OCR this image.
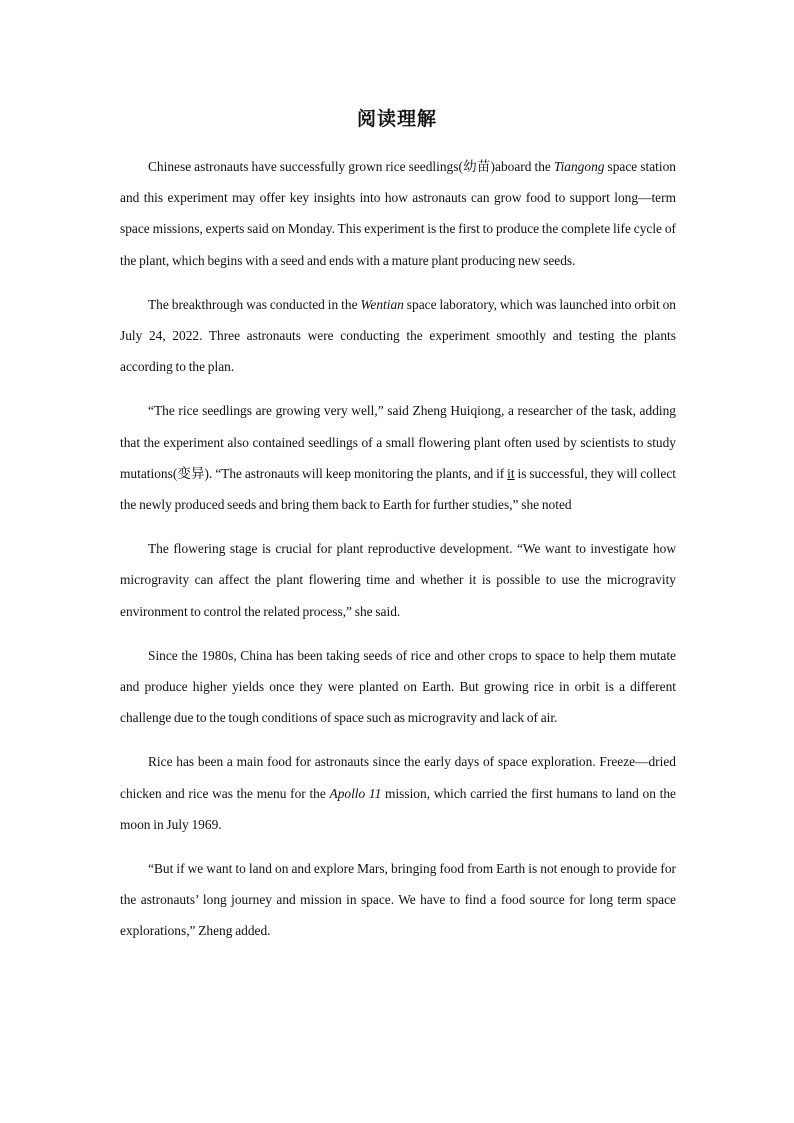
阅读理解

Chinese astronauts have successfully grown rice seedlings(幼苗)aboard the Tiangong space station and this experiment may offer key insights into how astronauts can grow food to support long—term space missions, experts said on Monday. This experiment is the first to produce the complete life cycle of the plant, which begins with a seed and ends with a mature plant producing new seeds.

The breakthrough was conducted in the Wentian space laboratory, which was launched into orbit on July 24, 2022. Three astronauts were conducting the experiment smoothly and testing the plants according to the plan.

“The rice seedlings are growing very well,” said Zheng Huiqiong, a researcher of the task, adding that the experiment also contained seedlings of a small flowering plant often used by scientists to study mutations(变异). “The astronauts will keep monitoring the plants, and if it is successful, they will collect the newly produced seeds and bring them back to Earth for further studies,” she noted

The flowering stage is crucial for plant reproductive development. “We want to investigate how microgravity can affect the plant flowering time and whether it is possible to use the microgravity environment to control the related process,” she said.

Since the 1980s, China has been taking seeds of rice and other crops to space to help them mutate and produce higher yields once they were planted on Earth. But growing rice in orbit is a different challenge due to the tough conditions of space such as microgravity and lack of air.

Rice has been a main food for astronauts since the early days of space exploration. Freeze—dried chicken and rice was the menu for the Apollo 11 mission, which carried the first humans to land on the moon in July 1969.

“But if we want to land on and explore Mars, bringing food from Earth is not enough to provide for the astronauts’ long journey and mission in space. We have to find a food source for long term space explorations,” Zheng added.
